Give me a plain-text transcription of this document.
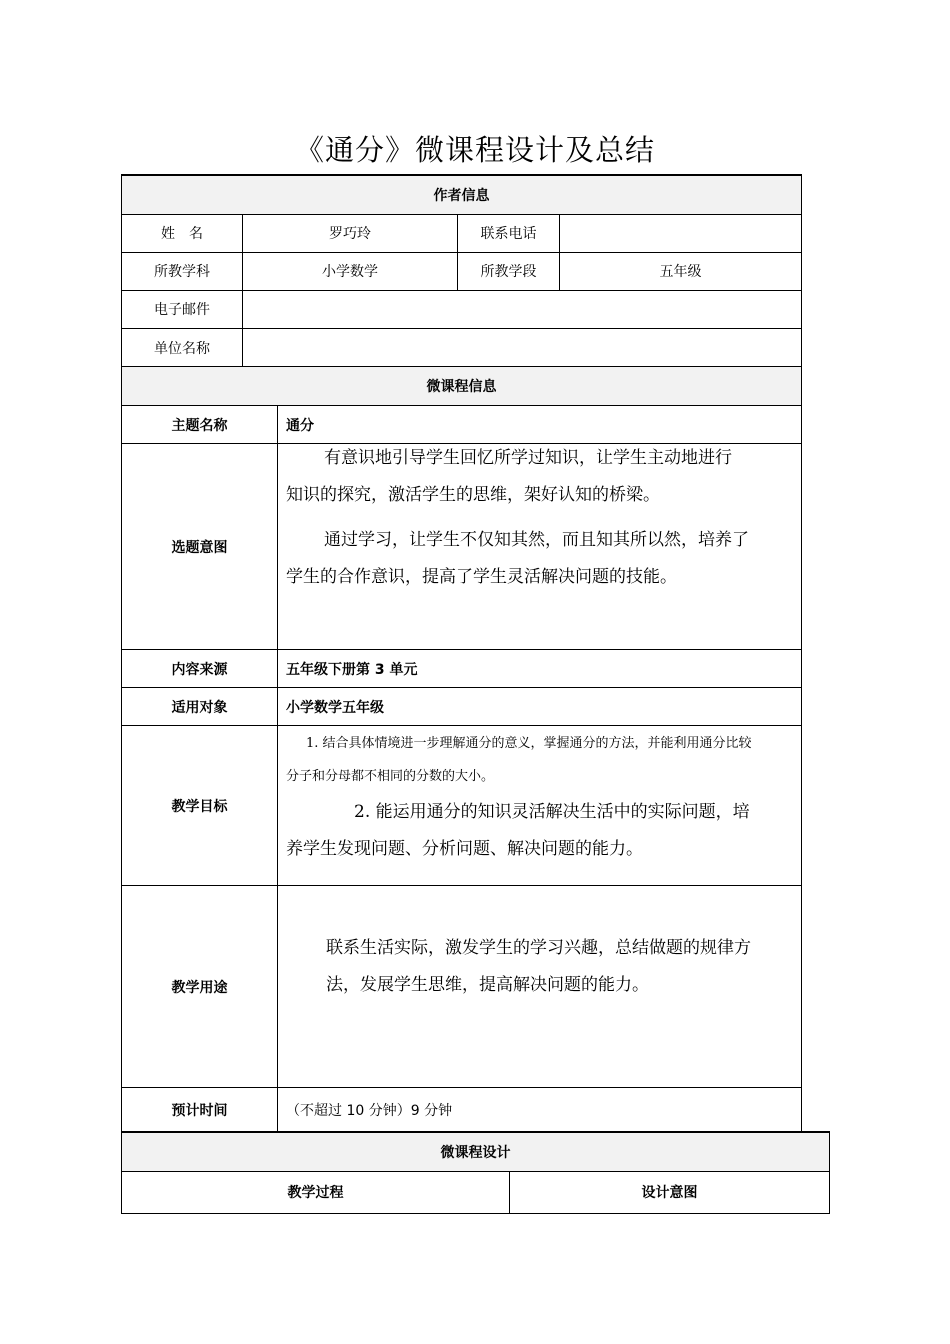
《通分》微课程设计及总结
作者信息			
姓　名	罗巧玲	联系电话	
所教学科	小学数学	所教学段	五年级
电子邮件			
单位名称			
微课程信息	
主题名称	通分
选题意图	有意识地引导学生回忆所学过知识，让学生主动地进行
知识的探究，激活学生的思维，架好认知的桥梁。
通过学习，让学生不仅知其然，而且知其所以然，培养了
学生的合作意识，提高了学生灵活解决问题的技能。

内容来源	五年级下册第 3 单元
适用对象	小学数学五年级
教学目标	1. 结合具体情境进一步理解通分的意义，掌握通分的方法，并能利用通分比较
分子和分母都不相同的分数的大小。
2. 能运用通分的知识灵活解决生活中的实际问题，培
养学生发现问题、分析问题、解决问题的能力。

教学用途	联系生活实际，激发学生的学习兴趣，总结做题的规律方
法，发展学生思维，提高解决问题的能力。

预计时间	（不超过 10 分钟）9 分钟
微课程设计
教学过程	设计意图
